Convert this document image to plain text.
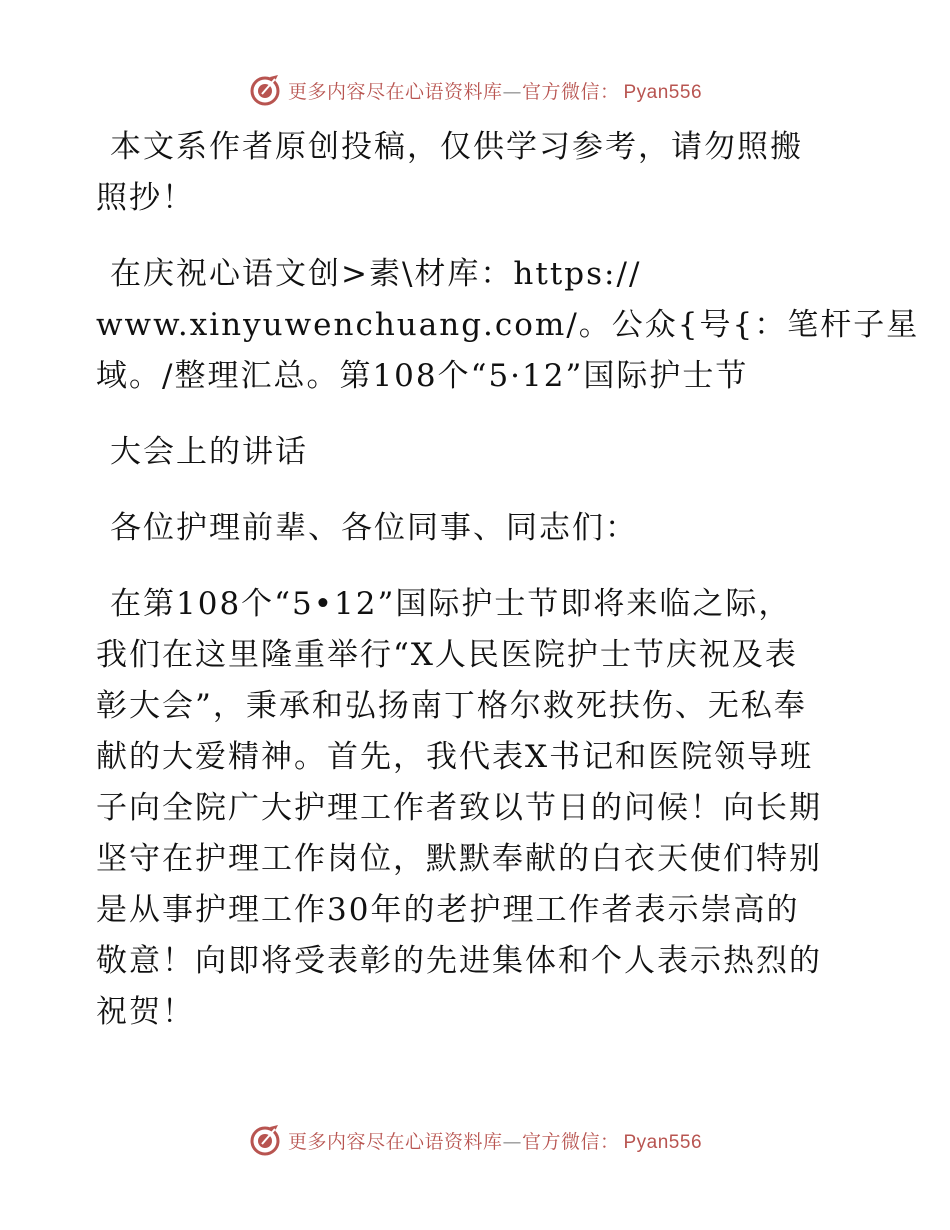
更多内容尽在心语资料库—官方微信： Pyan556

本文系作者原创投稿，仅供学习参考，请勿照搬

照抄！

在庆祝心语文创>素\材库：https://
www.xinyuwenchuang.com/。公众{号{：笔杆子星
域。/整理汇总。第108个“5·12”国际护士节

大会上的讲话

各位护理前辈、各位同事、同志们：

在第108个“5•12”国际护士节即将来临之际，
我们在这里隆重举行“X人民医院护士节庆祝及表
彰大会”，秉承和弘扬南丁格尔救死扶伤、无私奉
献的大爱精神。首先，我代表X书记和医院领导班
子向全院广大护理工作者致以节日的问候！向长期
坚守在护理工作岗位，默默奉献的白衣天使们特别
是从事护理工作30年的老护理工作者表示崇高的
敬意！向即将受表彰的先进集体和个人表示热烈的
祝贺！

更多内容尽在心语资料库—官方微信： Pyan556
